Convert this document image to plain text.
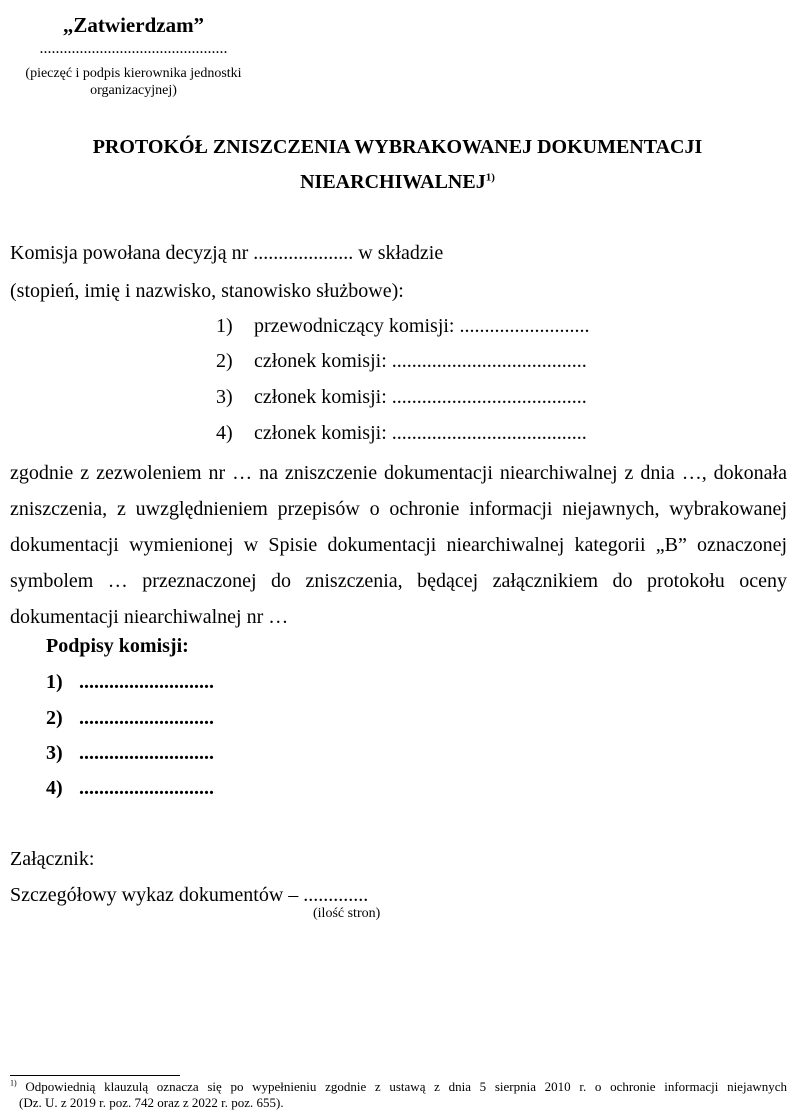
„Zatwierdzam”
...............................................
(pieczęć i podpis kierownika jednostki
organizacyjnej)
PROTOKÓŁ ZNISZCZENIA WYBRAKOWANEJ DOKUMENTACJI
NIEARCHIWALNEJ$^{1)}$
Komisja powołana decyzją nr .................... w składzie
(stopień, imię i nazwisko, stanowisko służbowe):
1) przewodniczący komisji: ..........................
2) członek komisji: .......................................
3) członek komisji: .......................................
4) członek komisji: .......................................
zgodnie z zezwoleniem nr … na zniszczenie dokumentacji niearchiwalnej z dnia …, dokonała
zniszczenia, z uwzględnieniem przepisów o ochronie informacji niejawnych, wybrakowanej
dokumentacji wymienionej w Spisie dokumentacji niearchiwalnej kategorii „B” oznaczonej
symbolem … przeznaczonej do zniszczenia, będącej załącznikiem do protokołu oceny
dokumentacji niearchiwalnej nr …
Podpisy komisji:
1) ...........................
2) ...........................
3) ...........................
4) ...........................
Załącznik:
Szczegółowy wykaz dokumentów – .............
(ilość stron)
$^{1)}$ Odpowiednią klauzulą oznacza się po wypełnieniu zgodnie z ustawą z dnia 5 sierpnia 2010 r. o ochronie informacji niejawnych
(Dz. U. z 2019 r. poz. 742 oraz z 2022 r. poz. 655).
